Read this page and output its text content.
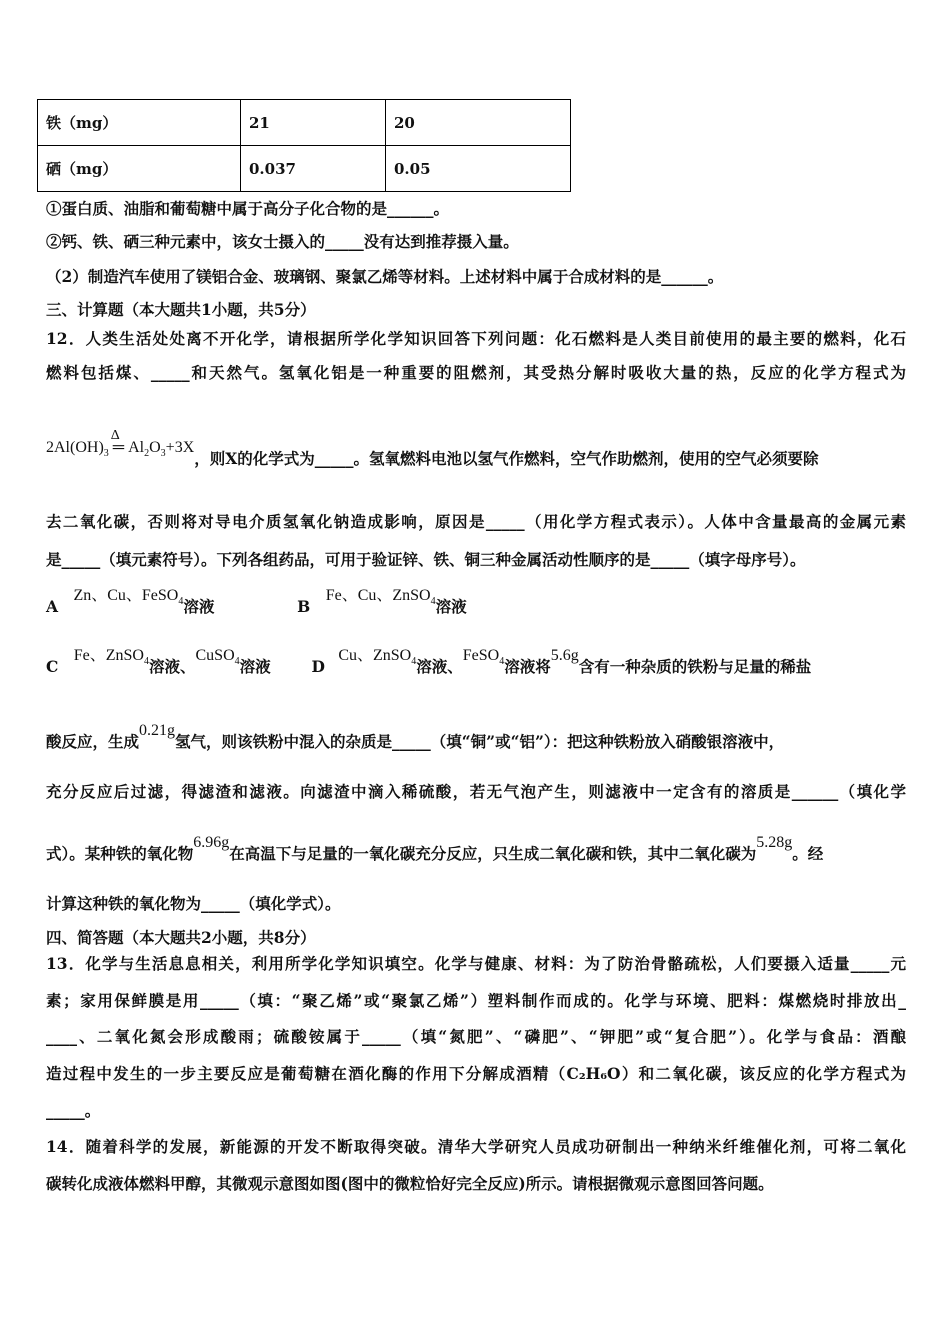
铁（mg）	21	20
硒（mg）	0.037	0.05
①蛋白质、油脂和葡萄糖中属于高分子化合物的是______。
②钙、铁、硒三种元素中，该女士摄入的_____没有达到推荐摄入量。
（2）制造汽车使用了镁铝合金、玻璃钢、聚氯乙烯等材料。上述材料中属于合成材料的是______。
三、计算题（本大题共1小题，共5分）
12．人类生活处处离不开化学，请根据所学化学知识回答下列问题：化石燃料是人类目前使用的最主要的燃料，化石
燃料包括煤、_____和天然气。氢氧化铝是一种重要的阻燃剂，其受热分解时吸收大量的热，反应的化学方程式为
$2Al(OH)_3$
Δ
═ $Al_2O_3+3X$，则X的化学式为_____。氢氧燃料电池以氢气作燃料，空气作助燃剂，使用的空气必须要除
去二氧化碳，否则将对导电介质氢氧化钠造成影响，原因是_____（用化学方程式表示）。人体中含量最高的金属元素
是_____（填元素符号）。下列各组药品，可用于验证锌、铁、铜三种金属活动性顺序的是_____（填字母序号）。
A Zn、Cu、FeSO$_4$溶液	B Fe、Cu、ZnSO$_4$溶液
C Fe、ZnSO$_4$溶液、CuSO$_4$溶液	D Cu、ZnSO$_4$溶液、FeSO$_4$溶液将5.6g含有一种杂质的铁粉与足量的稀盐
酸反应，生成0.21g氢气，则该铁粉中混入的杂质是_____（填“铜”或“铝”）：把这种铁粉放入硝酸银溶液中，
充分反应后过滤，得滤渣和滤液。向滤渣中滴入稀硫酸，若无气泡产生，则滤液中一定含有的溶质是______（填化学
式）。某种铁的氧化物6.96g在高温下与足量的一氧化碳充分反应，只生成二氧化碳和铁，其中二氧化碳为5.28g。经
计算这种铁的氧化物为_____（填化学式）。
四、简答题（本大题共2小题，共8分）
13．化学与生活息息相关，利用所学化学知识填空。化学与健康、材料：为了防治骨骼疏松，人们要摄入适量_____元
素；家用保鲜膜是用_____（填：“聚乙烯”或“聚氯乙烯”）塑料制作而成的。化学与环境、肥料：煤燃烧时排放出_
____、二氧化氮会形成酸雨；硫酸铵属于_____（填“氮肥”、“磷肥”、“钾肥”或“复合肥”）。化学与食品：酒酿
造过程中发生的一步主要反应是葡萄糖在酒化酶的作用下分解成酒精（C₂H₆O）和二氧化碳，该反应的化学方程式为
_____。
14．随着科学的发展，新能源的开发不断取得突破。清华大学研究人员成功研制出一种纳米纤维催化剂，可将二氧化
碳转化成液体燃料甲醇，其微观示意图如图(图中的微粒恰好完全反应)所示。请根据微观示意图回答问题。
